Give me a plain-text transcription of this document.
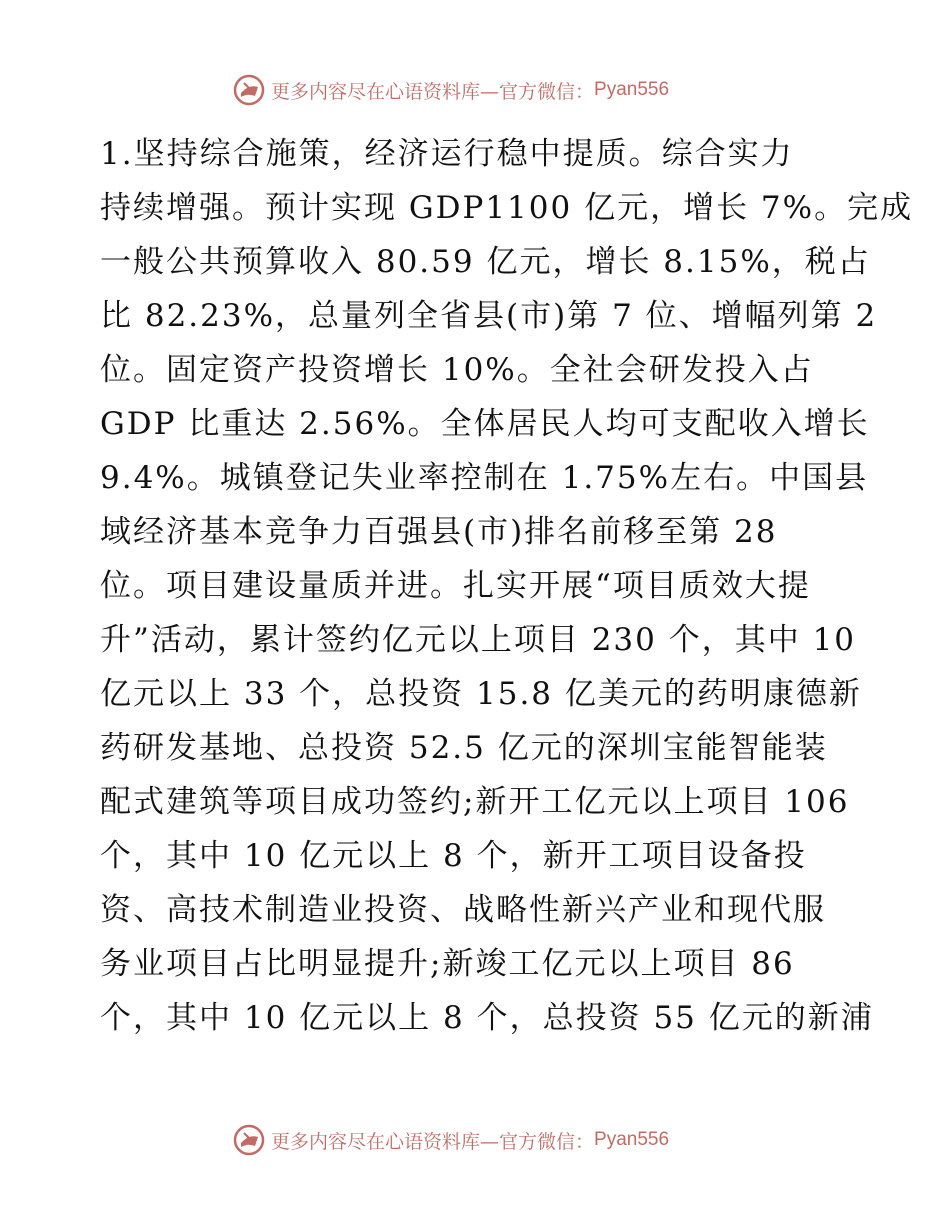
更多内容尽在心语资料库—官方微信： Pyan556
1.坚持综合施策，经济运行稳中提质。综合实力
持续增强。预计实现 GDP1100 亿元，增长 7%。完成
一般公共预算收入 80.59 亿元，增长 8.15%，税占
比 82.23%，总量列全省县(市)第 7 位、增幅列第 2
位。固定资产投资增长 10%。全社会研发投入占
GDP 比重达 2.56%。全体居民人均可支配收入增长
9.4%。城镇登记失业率控制在 1.75%左右。中国县
域经济基本竞争力百强县(市)排名前移至第 28
位。项目建设量质并进。扎实开展“项目质效大提
升”活动，累计签约亿元以上项目 230 个，其中 10
亿元以上 33 个，总投资 15.8 亿美元的药明康德新
药研发基地、总投资 52.5 亿元的深圳宝能智能装
配式建筑等项目成功签约;新开工亿元以上项目 106
个，其中 10 亿元以上 8 个，新开工项目设备投
资、高技术制造业投资、战略性新兴产业和现代服
务业项目占比明显提升;新竣工亿元以上项目 86
个，其中 10 亿元以上 8 个，总投资 55 亿元的新浦
更多内容尽在心语资料库—官方微信： Pyan556
